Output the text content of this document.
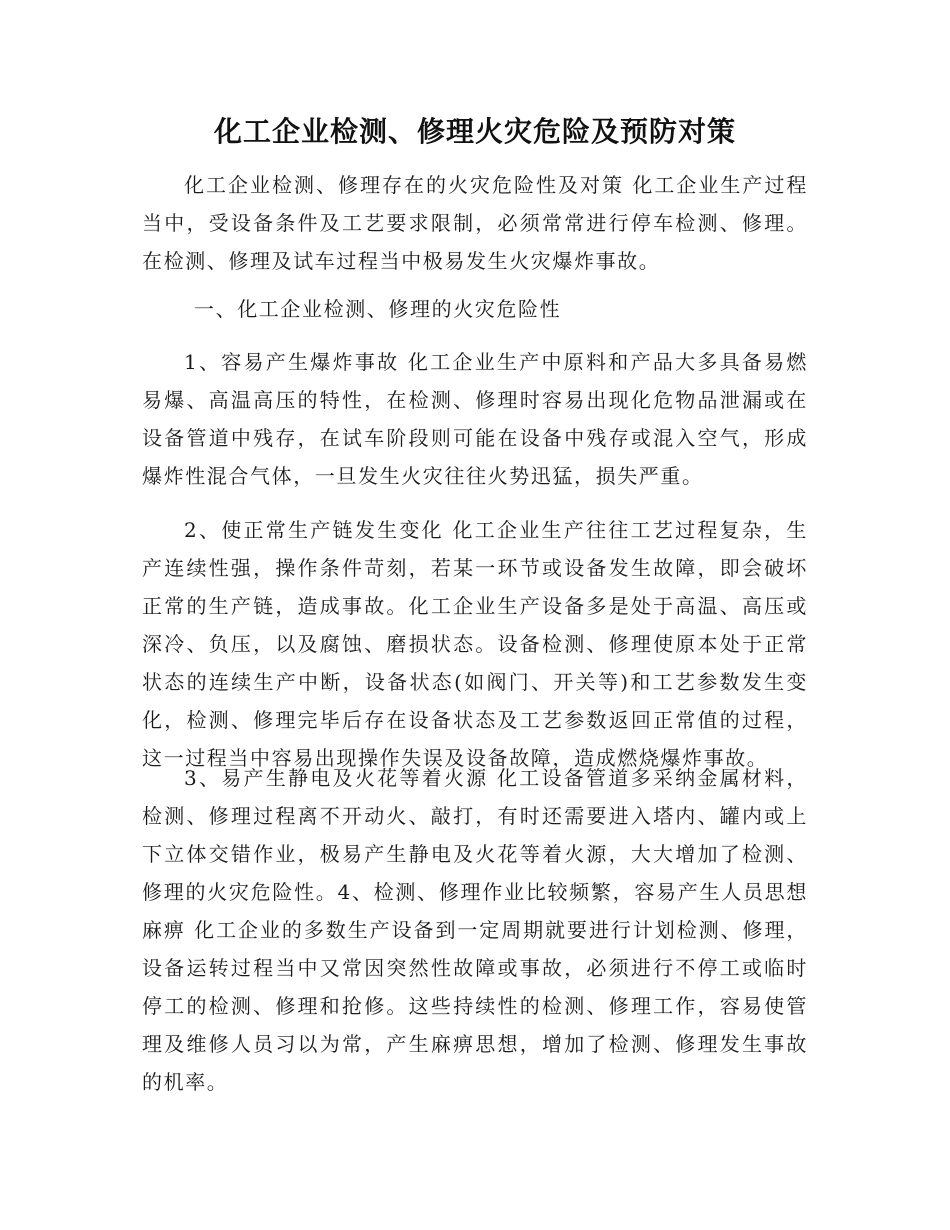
化工企业检测、修理火灾危险及预防对策

化工企业检测、修理存在的火灾危险性及对策 化工企业生产过程当中，受设备条件及工艺要求限制，必须常常进行停车检测、修理。在检测、修理及试车过程当中极易发生火灾爆炸事故。

一、化工企业检测、修理的火灾危险性

1、容易产生爆炸事故 化工企业生产中原料和产品大多具备易燃易爆、高温高压的特性，在检测、修理时容易出现化危物品泄漏或在设备管道中残存，在试车阶段则可能在设备中残存或混入空气，形成爆炸性混合气体，一旦发生火灾往往火势迅猛，损失严重。

2、使正常生产链发生变化 化工企业生产往往工艺过程复杂，生产连续性强，操作条件苛刻，若某一环节或设备发生故障，即会破坏正常的生产链，造成事故。化工企业生产设备多是处于高温、高压或深冷、负压，以及腐蚀、磨损状态。设备检测、修理使原本处于正常状态的连续生产中断，设备状态(如阀门、开关等)和工艺参数发生变化，检测、修理完毕后存在设备状态及工艺参数返回正常值的过程，这一过程当中容易出现操作失误及设备故障，造成燃烧爆炸事故。

3、易产生静电及火花等着火源 化工设备管道多采纳金属材料，检测、修理过程离不开动火、敲打，有时还需要进入塔内、罐内或上下立体交错作业，极易产生静电及火花等着火源，大大增加了检测、修理的火灾危险性。4、检测、修理作业比较频繁，容易产生人员思想麻痹 化工企业的多数生产设备到一定周期就要进行计划检测、修理，设备运转过程当中又常因突然性故障或事故，必须进行不停工或临时停工的检测、修理和抢修。这些持续性的检测、修理工作，容易使管理及维修人员习以为常，产生麻痹思想，增加了检测、修理发生事故的机率。
